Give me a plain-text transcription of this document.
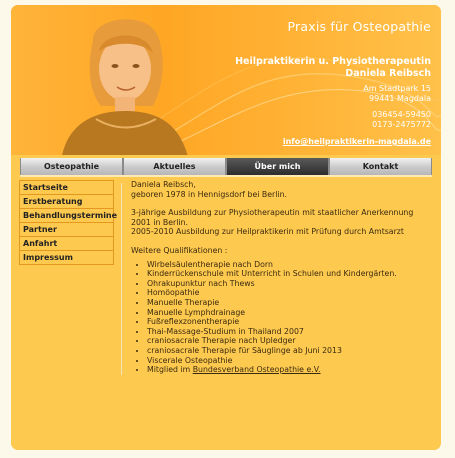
Praxis für Osteopathie
Heilpraktikerin u. Physiotherapeutin
Daniela Reibsch
Am Stadtpark 15
99441 Magdala
036454-59450
0173-2475772
info@heilpraktikerin-magdala.de
Osteopathie	Aktuelles	Über mich	Kontakt
Startseite
Erstberatung
Behandlungstermine
Partner
Anfahrt
Impressum

Daniela Reibsch,
geboren 1978 in Hennigsdorf bei Berlin.

3-jährige Ausbildung zur Physiotherapeutin mit staatlicher Anerkennung
2001 in Berlin.
2005-2010 Ausbildung zur Heilpraktikerin mit Prüfung durch Amtsarzt

Weitere Qualifikationen :
• Wirbelsäulentherapie nach Dorn
• Kinderrückenschule mit Unterricht in Schulen und Kindergärten.
• Ohrakupunktur nach Thews
• Homöopathie
• Manuelle Therapie
• Manuelle Lymphdrainage
• Fußreflexzonentherapie
• Thai-Massage-Studium in Thailand 2007
• craniosacrale Therapie nach Upledger
• craniosacrale Therapie für Säuglinge ab Juni 2013
• Viscerale Osteopathie
• Mitglied im Bundesverband Osteopathie e.V.
